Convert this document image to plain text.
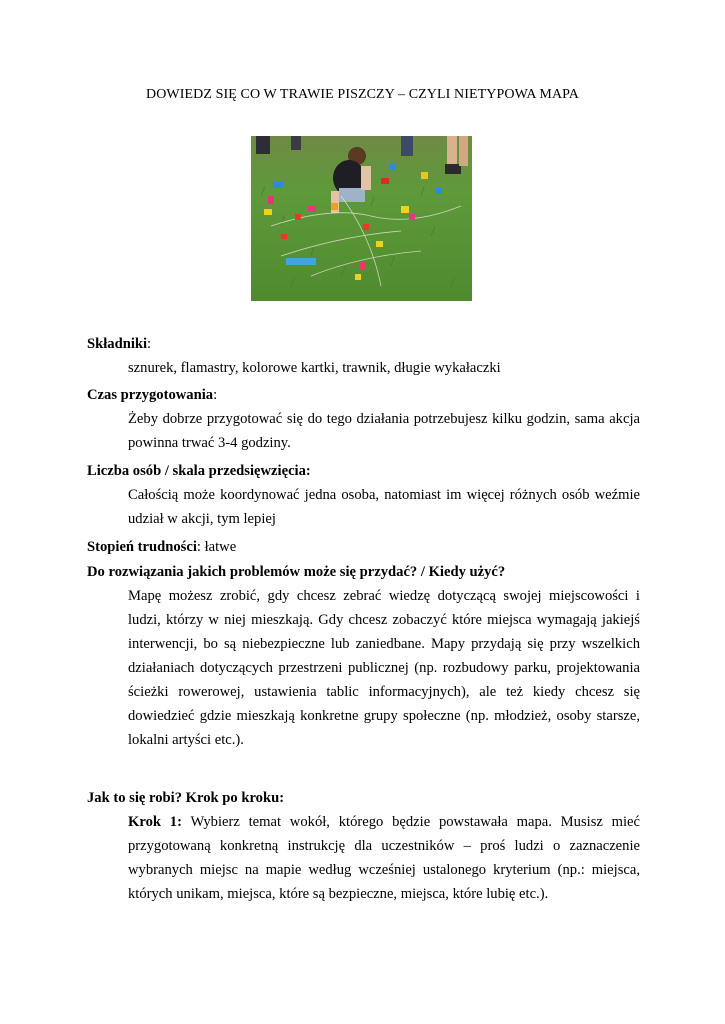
DOWIEDZ SIĘ CO W TRAWIE PISZCZY – CZYLI NIETYPOWA MAPA
Składniki:
sznurek, flamastry, kolorowe kartki, trawnik, długie wykałaczki
Czas przygotowania:
Żeby dobrze przygotować się do tego działania potrzebujesz kilku godzin, sama akcja
powinna trwać 3-4 godziny.
Liczba osób / skala przedsięwzięcia:
Całością może koordynować jedna osoba, natomiast im więcej różnych osób weźmie
udział w akcji, tym lepiej
Stopień trudności: łatwe
Do rozwiązania jakich problemów może się przydać? / Kiedy użyć?
Mapę możesz zrobić, gdy chcesz zebrać wiedzę dotyczącą swojej miejscowości i
ludzi, którzy w niej mieszkają. Gdy chcesz zobaczyć które miejsca wymagają jakiejś
interwencji, bo są niebezpieczne lub zaniedbane. Mapy przydają się przy wszelkich
działaniach dotyczących przestrzeni publicznej (np. rozbudowy parku, projektowania
ścieżki rowerowej, ustawienia tablic informacyjnych), ale też kiedy chcesz się
dowiedzieć gdzie mieszkają konkretne grupy społeczne (np. młodzież, osoby starsze,
lokalni artyści etc.).
Jak to się robi? Krok po kroku:
Krok 1: Wybierz temat wokół, którego będzie powstawała mapa. Musisz mieć
przygotowaną konkretną instrukcję dla uczestników – proś ludzi o zaznaczenie
wybranych miejsc na mapie według wcześniej ustalonego kryterium (np.: miejsca,
których unikam, miejsca, które są bezpieczne, miejsca, które lubię etc.).
